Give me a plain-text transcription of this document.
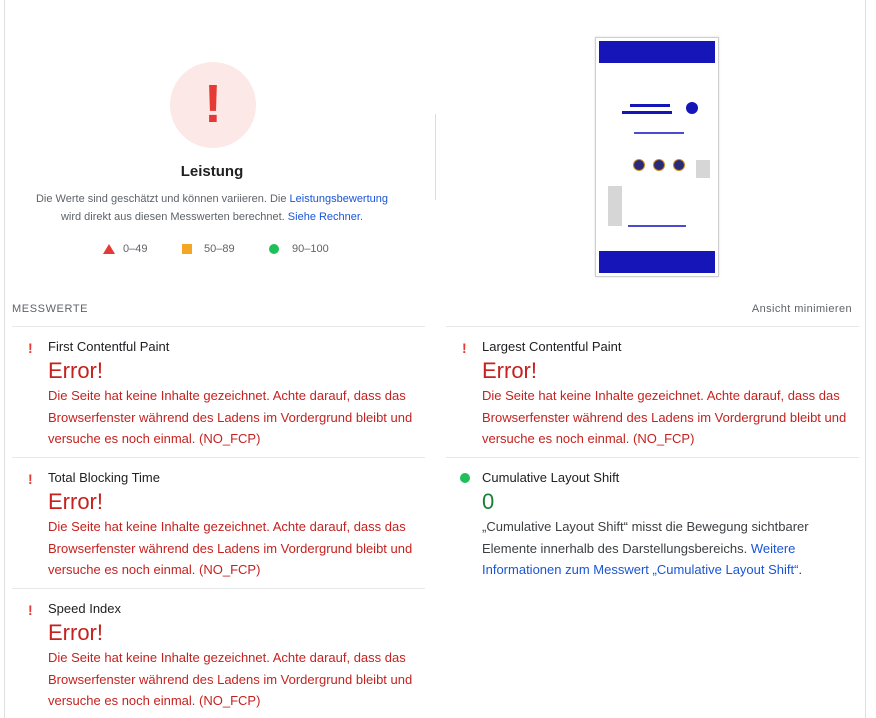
!
Leistung
Die Werte sind geschätzt und können variieren. Die Leistungsbewertung
wird direkt aus diesen Messwerten berechnet. Siehe Rechner.
0–49	50–89	90–100
MESSWERTE	Ansicht minimieren
! First Contentful Paint
Error!
Die Seite hat keine Inhalte gezeichnet. Achte darauf, dass das Browserfenster während des Ladens im Vordergrund bleibt und versuche es noch einmal. (NO_FCP)
! Largest Contentful Paint
Error!
Die Seite hat keine Inhalte gezeichnet. Achte darauf, dass das Browserfenster während des Ladens im Vordergrund bleibt und versuche es noch einmal. (NO_FCP)
! Total Blocking Time
Error!
Die Seite hat keine Inhalte gezeichnet. Achte darauf, dass das Browserfenster während des Ladens im Vordergrund bleibt und versuche es noch einmal. (NO_FCP)
Cumulative Layout Shift
0
„Cumulative Layout Shift“ misst die Bewegung sichtbarer Elemente innerhalb des Darstellungsbereichs. Weitere Informationen zum Messwert „Cumulative Layout Shift“.
! Speed Index
Error!
Die Seite hat keine Inhalte gezeichnet. Achte darauf, dass das Browserfenster während des Ladens im Vordergrund bleibt und versuche es noch einmal. (NO_FCP)
